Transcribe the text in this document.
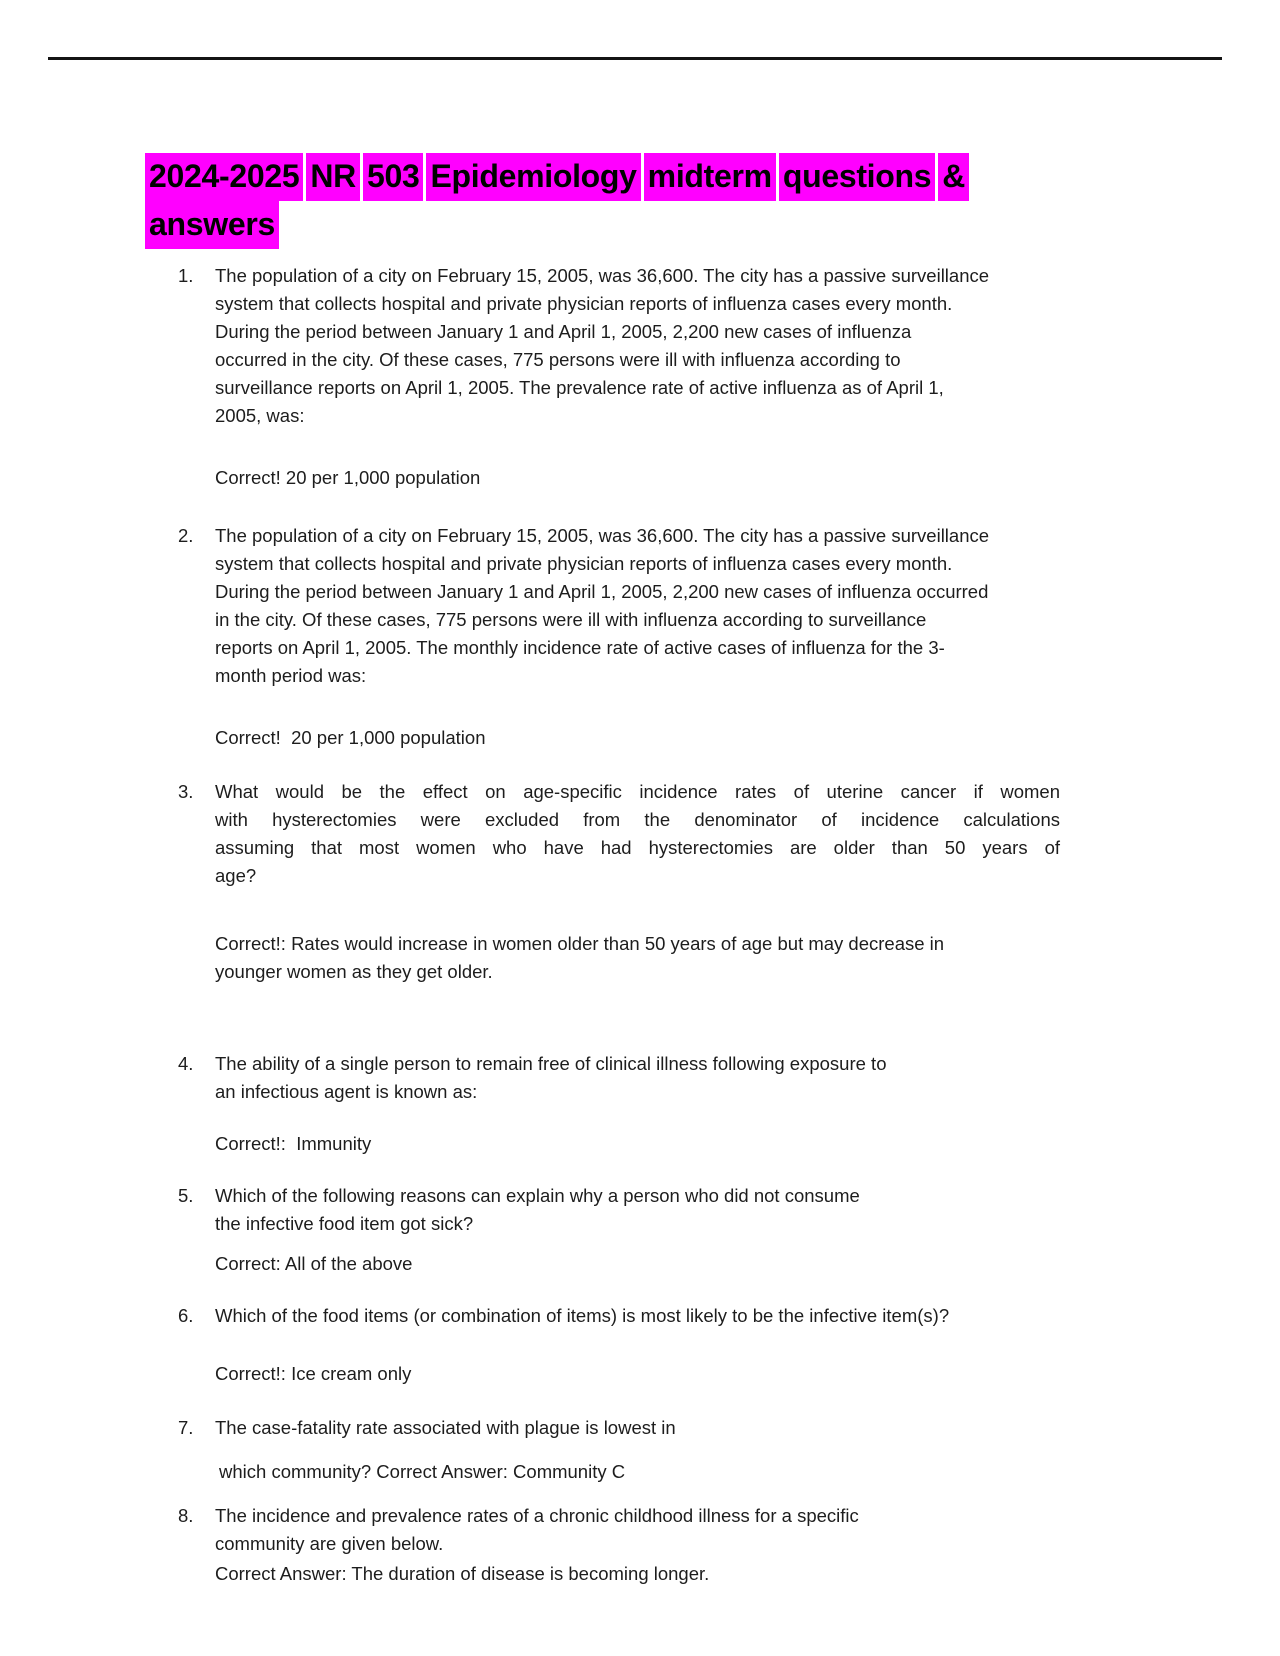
2024-2025 NR 503 Epidemiology midterm questions &
answers
1.	The population of a city on February 15, 2005, was 36,600. The city has a passive surveillance
system that collects hospital and private physician reports of influenza cases every month.
During the period between January 1 and April 1, 2005, 2,200 new cases of influenza
occurred in the city. Of these cases, 775 persons were ill with influenza according to
surveillance reports on April 1, 2005. The prevalence rate of active influenza as of April 1,
2005, was:
Correct! 20 per 1,000 population
2.	The population of a city on February 15, 2005, was 36,600. The city has a passive surveillance
system that collects hospital and private physician reports of influenza cases every month.
During the period between January 1 and April 1, 2005, 2,200 new cases of influenza occurred
in the city. Of these cases, 775 persons were ill with influenza according to surveillance
reports on April 1, 2005. The monthly incidence rate of active cases of influenza for the 3-
month period was:
Correct!  20 per 1,000 population
3.	What would be the effect on age-specific incidence rates of uterine cancer if women
with hysterectomies were excluded from the denominator of incidence calculations
assuming that most women who have had hysterectomies are older than 50 years of
age?
Correct!: Rates would increase in women older than 50 years of age but may decrease in
younger women as they get older.
4.	The ability of a single person to remain free of clinical illness following exposure to
an infectious agent is known as:
Correct!:  Immunity
5.	Which of the following reasons can explain why a person who did not consume
the infective food item got sick?
Correct: All of the above
6.	Which of the food items (or combination of items) is most likely to be the infective item(s)?
Correct!: Ice cream only
7.	The case-fatality rate associated with plague is lowest in
which community? Correct Answer: Community C
8.	The incidence and prevalence rates of a chronic childhood illness for a specific
community are given below.
Correct Answer: The duration of disease is becoming longer.
